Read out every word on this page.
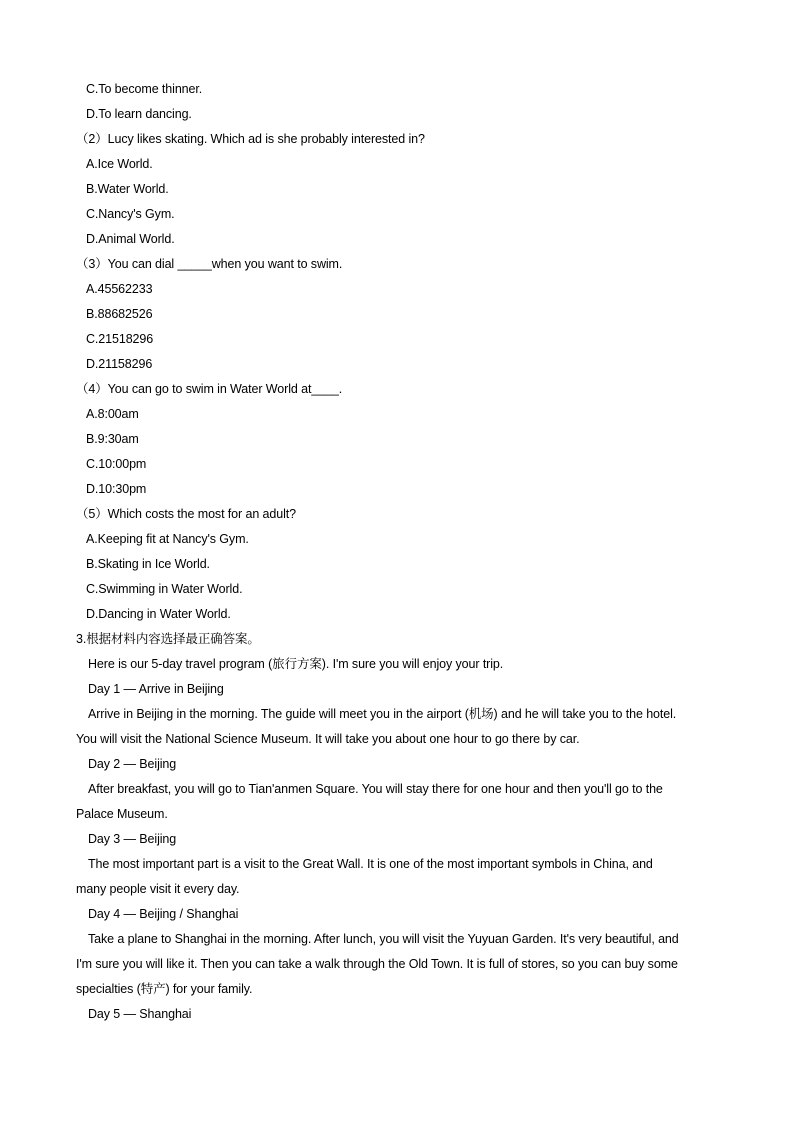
C.To become thinner.
D.To learn dancing.
（2）Lucy likes skating. Which ad is she probably interested in?
A.Ice World.
B.Water World.
C.Nancy's Gym.
D.Animal World.
（3）You can dial _____when you want to swim.
A.45562233
B.88682526
C.21518296
D.21158296
（4）You can go to swim in Water World at____.
A.8:00am
B.9:30am
C.10:00pm
D.10:30pm
（5）Which costs the most for an adult?
A.Keeping fit at Nancy's Gym.
B.Skating in Ice World.
C.Swimming in Water World.
D.Dancing in Water World.
3.根据材料内容选择最正确答案。
Here is our 5-day travel program (旅行方案). I'm sure you will enjoy your trip.
Day 1 — Arrive in Beijing
Arrive in Beijing in the morning. The guide will meet you in the airport (机场) and he will take you to the hotel.
You will visit the National Science Museum. It will take you about one hour to go there by car.
Day 2 — Beijing
After breakfast, you will go to Tian'anmen Square. You will stay there for one hour and then you'll go to the
Palace Museum.
Day 3 — Beijing
The most important part is a visit to the Great Wall. It is one of the most important symbols in China, and
many people visit it every day.
Day 4 — Beijing / Shanghai
Take a plane to Shanghai in the morning. After lunch, you will visit the Yuyuan Garden. It's very beautiful, and
I'm sure you will like it. Then you can take a walk through the Old Town. It is full of stores, so you can buy some
specialties (特产) for your family.
Day 5 — Shanghai
